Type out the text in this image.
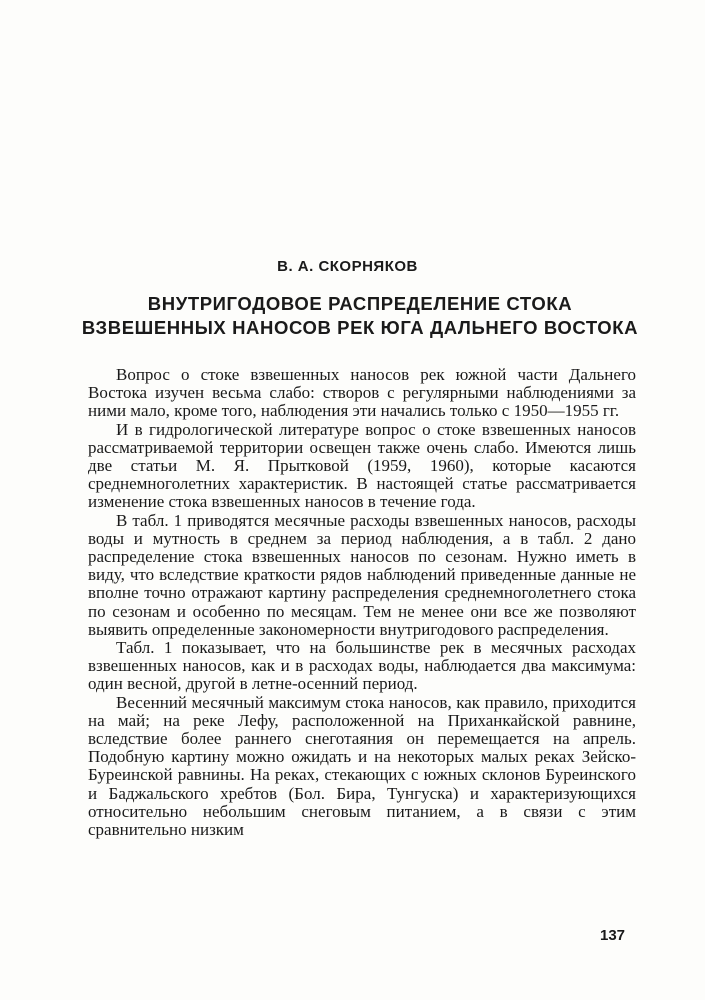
В. А. СКОРНЯКОВ
ВНУТРИГОДОВОЕ РАСПРЕДЕЛЕНИЕ СТОКА
ВЗВЕШЕННЫХ НАНОСОВ РЕК ЮГА ДАЛЬНЕГО ВОСТОКА

Вопрос о стоке взвешенных наносов рек южной части Дальнего Востока изучен весьма слабо: створов с регулярными наблюдениями за ними мало, кроме того, наблюдения эти начались только с 1950—1955 гг.

И в гидрологической литературе вопрос о стоке взвешенных наносов рассматриваемой территории освещен также очень слабо. Имеются лишь две статьи М. Я. Прытковой (1959, 1960), которые касаются среднемноголетних характеристик. В настоящей статье рассматривается изменение стока взвешенных наносов в течение года.

В табл. 1 приводятся месячные расходы взвешенных наносов, расходы воды и мутность в среднем за период наблюдения, а в табл. 2 дано распределение стока взвешенных наносов по сезонам. Нужно иметь в виду, что вследствие краткости рядов наблюдений приведенные данные не вполне точно отражают картину распределения среднемноголетнего стока по сезонам и особенно по месяцам. Тем не менее они все же позволяют выявить определенные закономерности внутригодового распределения.

Табл. 1 показывает, что на большинстве рек в месячных расходах взвешенных наносов, как и в расходах воды, наблюдается два максимума: один весной, другой в летне-осенний период.

Весенний месячный максимум стока наносов, как правило, приходится на май; на реке Лефу, расположенной на Приханкайской равнине, вследствие более раннего снеготаяния он перемещается на апрель. Подобную картину можно ожидать и на некоторых малых реках Зейско-Буреинской равнины. На реках, стекающих с южных склонов Буреинского и Баджальского хребтов (Бол. Бира, Тунгуска) и характеризующихся относительно небольшим снеговым питанием, а в связи с этим сравнительно низким

137
